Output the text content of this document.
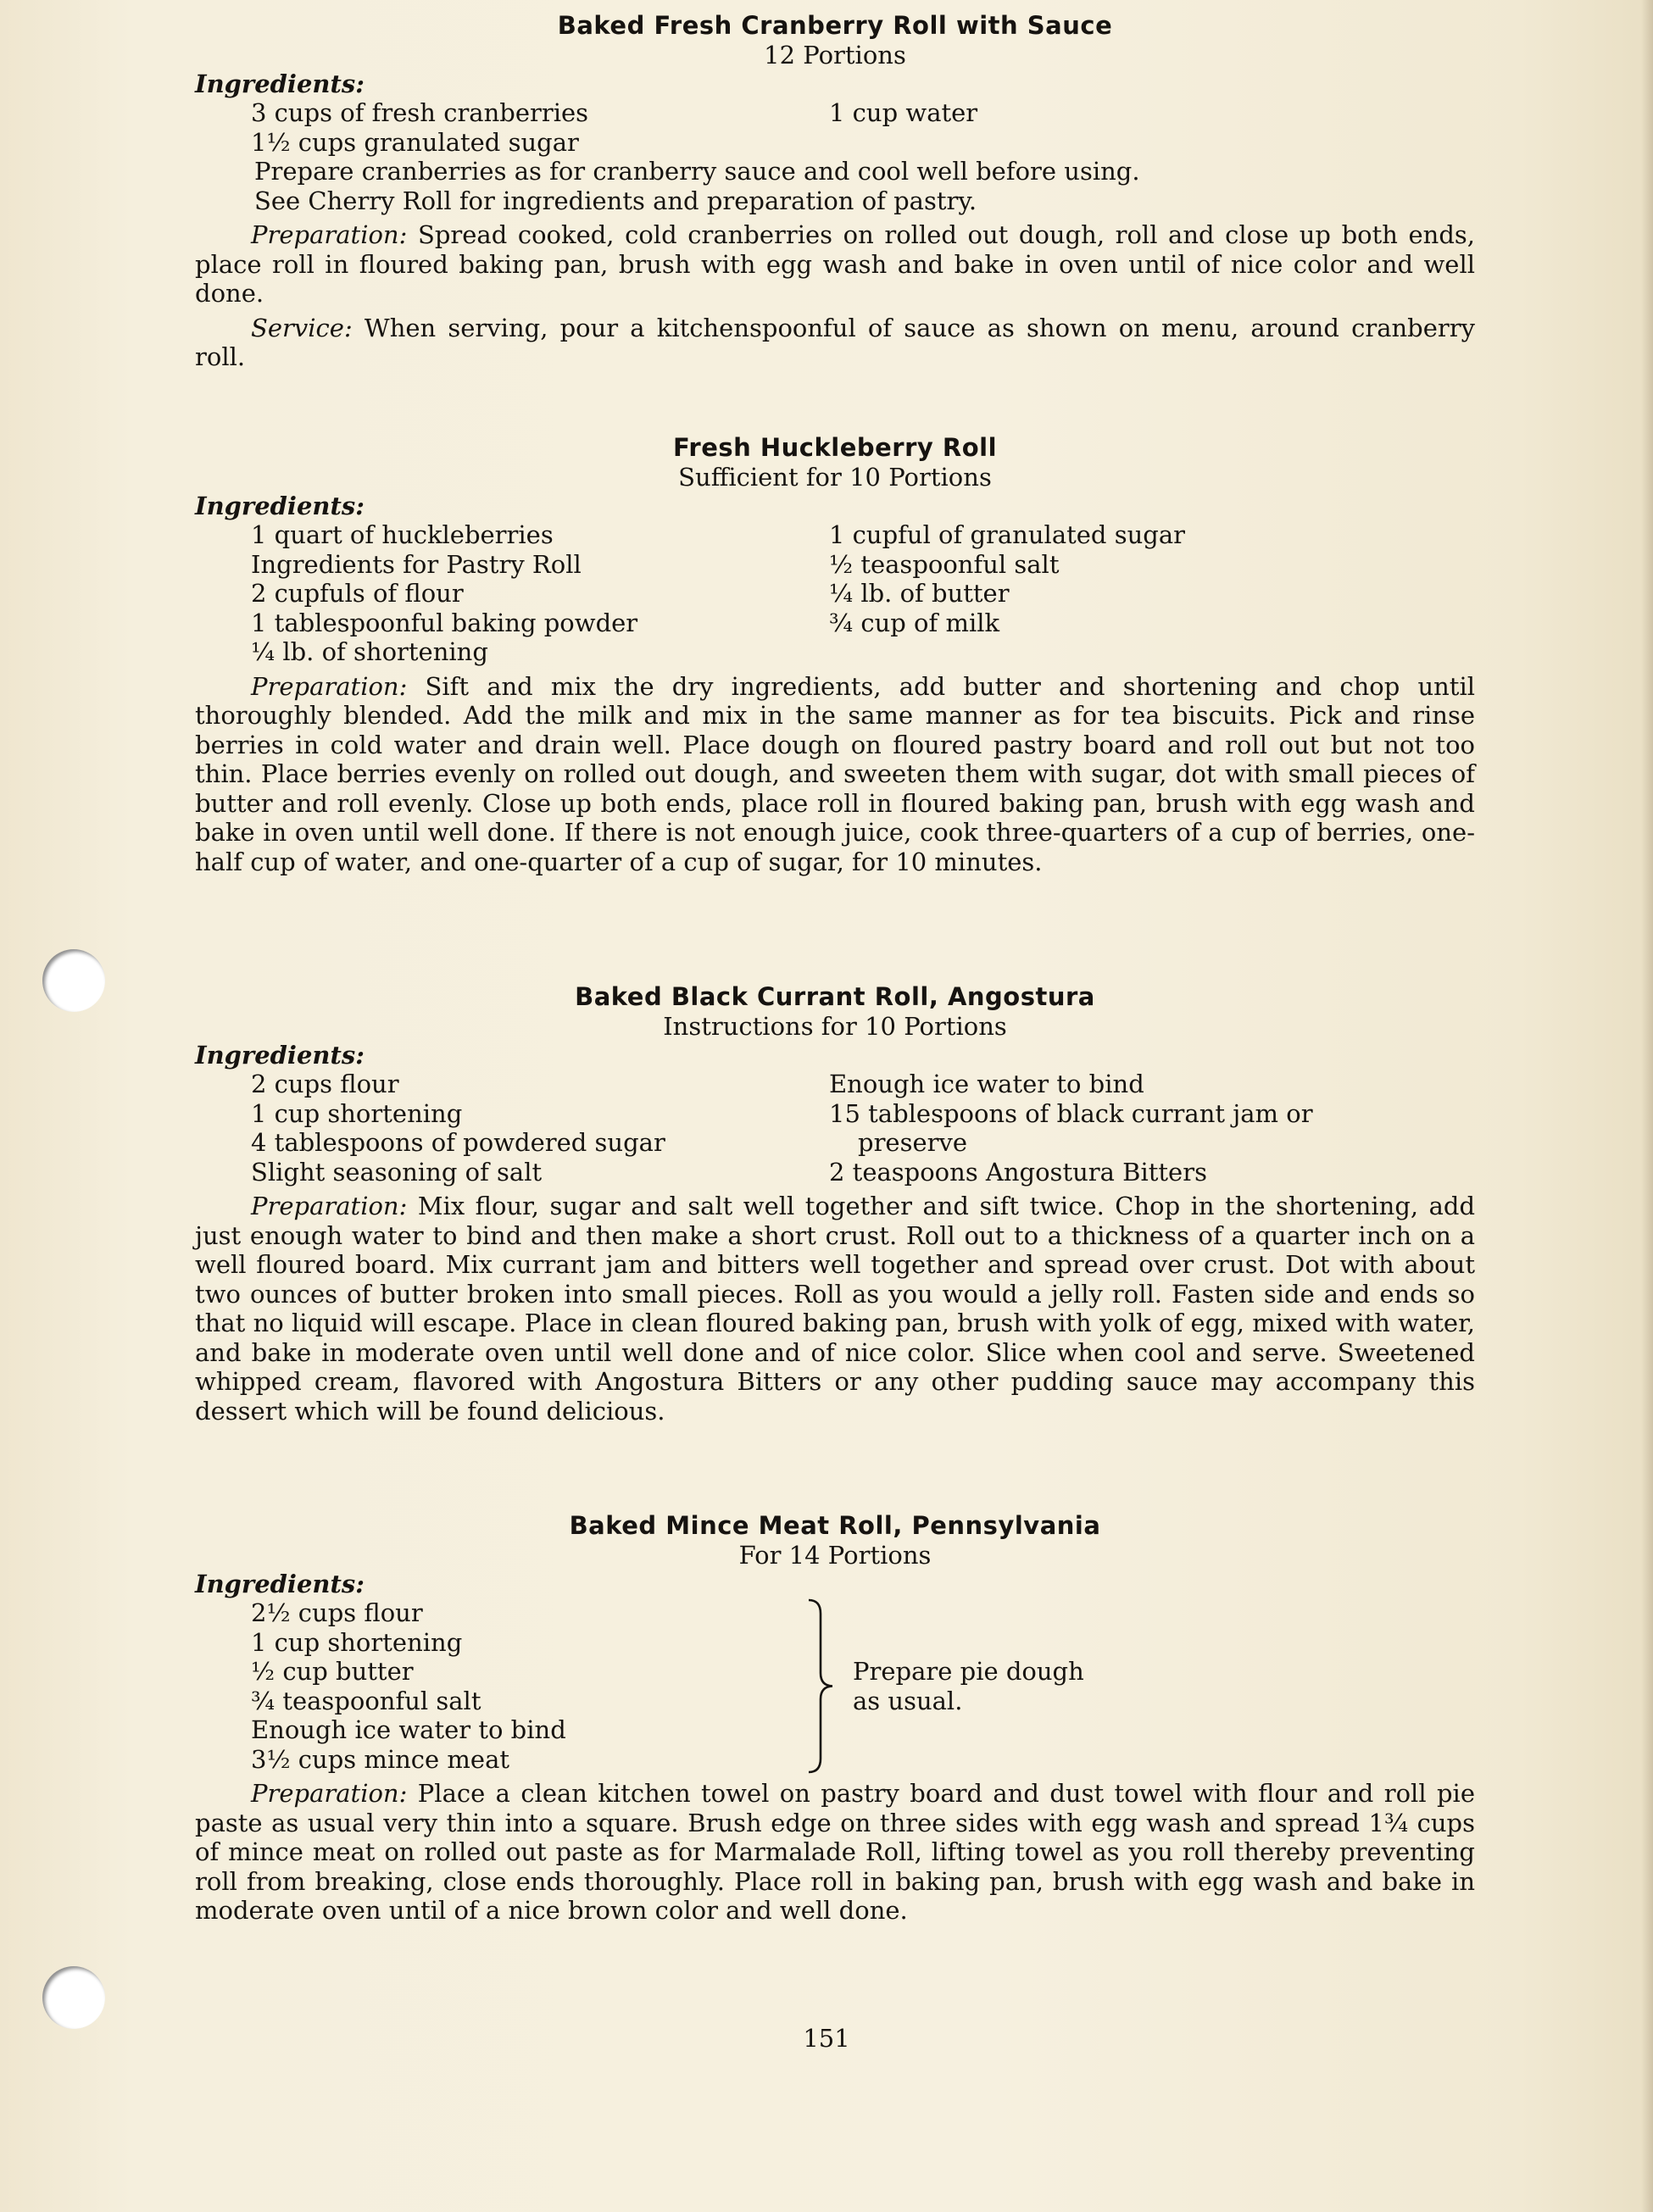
Baked Fresh Cranberry Roll with Sauce
12 Portions
Ingredients:
3 cups of fresh cranberries
1½ cups granulated sugar
1 cup water
Prepare cranberries as for cranberry sauce and cool well before using.
See Cherry Roll for ingredients and preparation of pastry.

Preparation: Spread cooked, cold cranberries on rolled out dough, roll and close up both ends, place roll in floured baking pan, brush with egg wash and bake in oven until of nice color and well done.

Service: When serving, pour a kitchenspoonful of sauce as shown on menu, around cranberry roll.

Fresh Huckleberry Roll
Sufficient for 10 Portions
Ingredients:
1 quart of huckleberries
Ingredients for Pastry Roll
2 cupfuls of flour
1 tablespoonful baking powder
¼ lb. of shortening
1 cupful of granulated sugar
½ teaspoonful salt
¼ lb. of butter
¾ cup of milk

Preparation: Sift and mix the dry ingredients, add butter and shortening and chop until thoroughly blended. Add the milk and mix in the same manner as for tea biscuits. Pick and rinse berries in cold water and drain well. Place dough on floured pastry board and roll out but not too thin. Place berries evenly on rolled out dough, and sweeten them with sugar, dot with small pieces of butter and roll evenly. Close up both ends, place roll in floured baking pan, brush with egg wash and bake in oven until well done. If there is not enough juice, cook three-quarters of a cup of berries, one-half cup of water, and one-quarter of a cup of sugar, for 10 minutes.

Baked Black Currant Roll, Angostura
Instructions for 10 Portions
Ingredients:
2 cups flour
1 cup shortening
4 tablespoons of powdered sugar
Slight seasoning of salt
Enough ice water to bind
15 tablespoons of black currant jam or
preserve
2 teaspoons Angostura Bitters

Preparation: Mix flour, sugar and salt well together and sift twice. Chop in the shortening, add just enough water to bind and then make a short crust. Roll out to a thickness of a quarter inch on a well floured board. Mix currant jam and bitters well together and spread over crust. Dot with about two ounces of butter broken into small pieces. Roll as you would a jelly roll. Fasten side and ends so that no liquid will escape. Place in clean floured baking pan, brush with yolk of egg, mixed with water, and bake in moderate oven until well done and of nice color. Slice when cool and serve. Sweetened whipped cream, flavored with Angostura Bitters or any other pudding sauce may accompany this dessert which will be found delicious.

Baked Mince Meat Roll, Pennsylvania
For 14 Portions
Ingredients:
2½ cups flour
1 cup shortening
½ cup butter
¾ teaspoonful salt
Enough ice water to bind
3½ cups mince meat
Prepare pie dough
as usual.

Preparation: Place a clean kitchen towel on pastry board and dust towel with flour and roll pie paste as usual very thin into a square. Brush edge on three sides with egg wash and spread 1¾ cups of mince meat on rolled out paste as for Marmalade Roll, lifting towel as you roll thereby preventing roll from breaking, close ends thoroughly. Place roll in baking pan, brush with egg wash and bake in moderate oven until of a nice brown color and well done.

151
